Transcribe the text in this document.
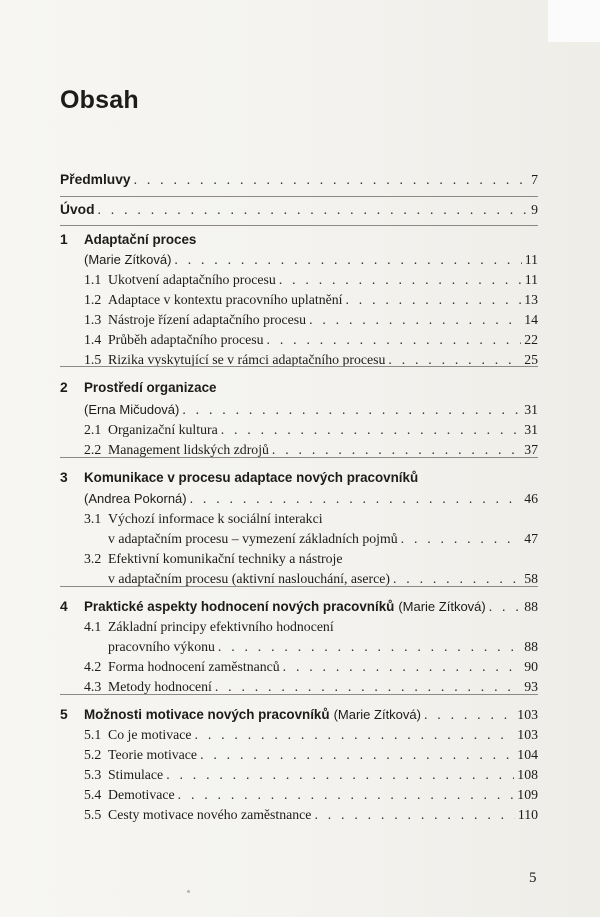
Obsah
Předmluvy . . .	7
Úvod . . .	9
1	Adaptační proces
(Marie Zítková) . . .	11
1.1 Ukotvení adaptačního procesu . . .	11
1.2 Adaptace v kontextu pracovního uplatnění . . .	13
1.3 Nástroje řízení adaptačního procesu . . .	14
1.4 Průběh adaptačního procesu . . .	22
1.5 Rizika vyskytující se v rámci adaptačního procesu . . .	25
2	Prostředí organizace
(Erna Mičudová) . . .	31
2.1 Organizační kultura . . .	31
2.2 Management lidských zdrojů . . .	37
3	Komunikace v procesu adaptace nových pracovníků
(Andrea Pokorná) . . .	46
3.1 Výchozí informace k sociální interakci
v adaptačním procesu – vymezení základních pojmů . . .	47
3.2 Efektivní komunikační techniky a nástroje
v adaptačním procesu (aktivní naslouchání, aserce) . . .	58
4	Praktické aspekty hodnocení nových pracovníků (Marie Zítková) . . .	88
4.1 Základní principy efektivního hodnocení
pracovního výkonu . . .	88
4.2 Forma hodnocení zaměstnanců . . .	90
4.3 Metody hodnocení . . .	93
5	Možnosti motivace nových pracovníků (Marie Zítková) . . .	103
5.1 Co je motivace . . .	103
5.2 Teorie motivace . . .	104
5.3 Stimulace . . .	108
5.4 Demotivace . . .	109
5.5 Cesty motivace nového zaměstnance . . .	110
5
